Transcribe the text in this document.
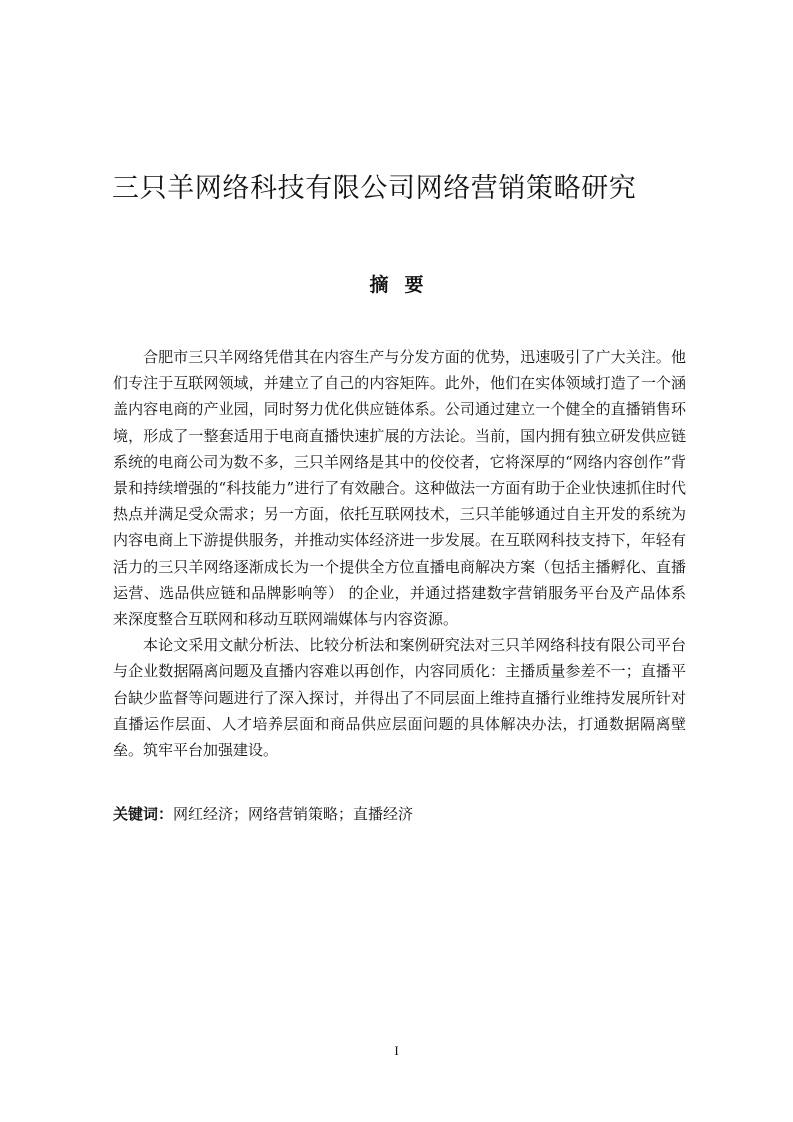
三只羊网络科技有限公司网络营销策略研究
摘要

合肥市三只羊网络凭借其在内容生产与分发方面的优势，迅速吸引了广大关注。他们专注于互联网领域，并建立了自己的内容矩阵。此外，他们在实体领域打造了一个涵盖内容电商的产业园，同时努力优化供应链体系。公司通过建立一个健全的直播销售环境，形成了一整套适用于电商直播快速扩展的方法论。当前，国内拥有独立研发供应链系统的电商公司为数不多，三只羊网络是其中的佼佼者，它将深厚的“网络内容创作”背景和持续增强的“科技能力”进行了有效融合。这种做法一方面有助于企业快速抓住时代热点并满足受众需求；另一方面，依托互联网技术，三只羊能够通过自主开发的系统为内容电商上下游提供服务，并推动实体经济进一步发展。在互联网科技支持下，年轻有活力的三只羊网络逐渐成长为一个提供全方位直播电商解决方案（包括主播孵化、直播运营、选品供应链和品牌影响等） 的企业，并通过搭建数字营销服务平台及产品体系来深度整合互联网和移动互联网端媒体与内容资源。

本论文采用文献分析法、比较分析法和案例研究法对三只羊网络科技有限公司平台与企业数据隔离问题及直播内容难以再创作，内容同质化：主播质量参差不一；直播平台缺少监督等问题进行了深入探讨，并得出了不同层面上维持直播行业维持发展所针对直播运作层面、人才培养层面和商品供应层面问题的具体解决办法，打通数据隔离壁垒。筑牢平台加强建设。

关键词：网红经济；网络营销策略；直播经济
I
